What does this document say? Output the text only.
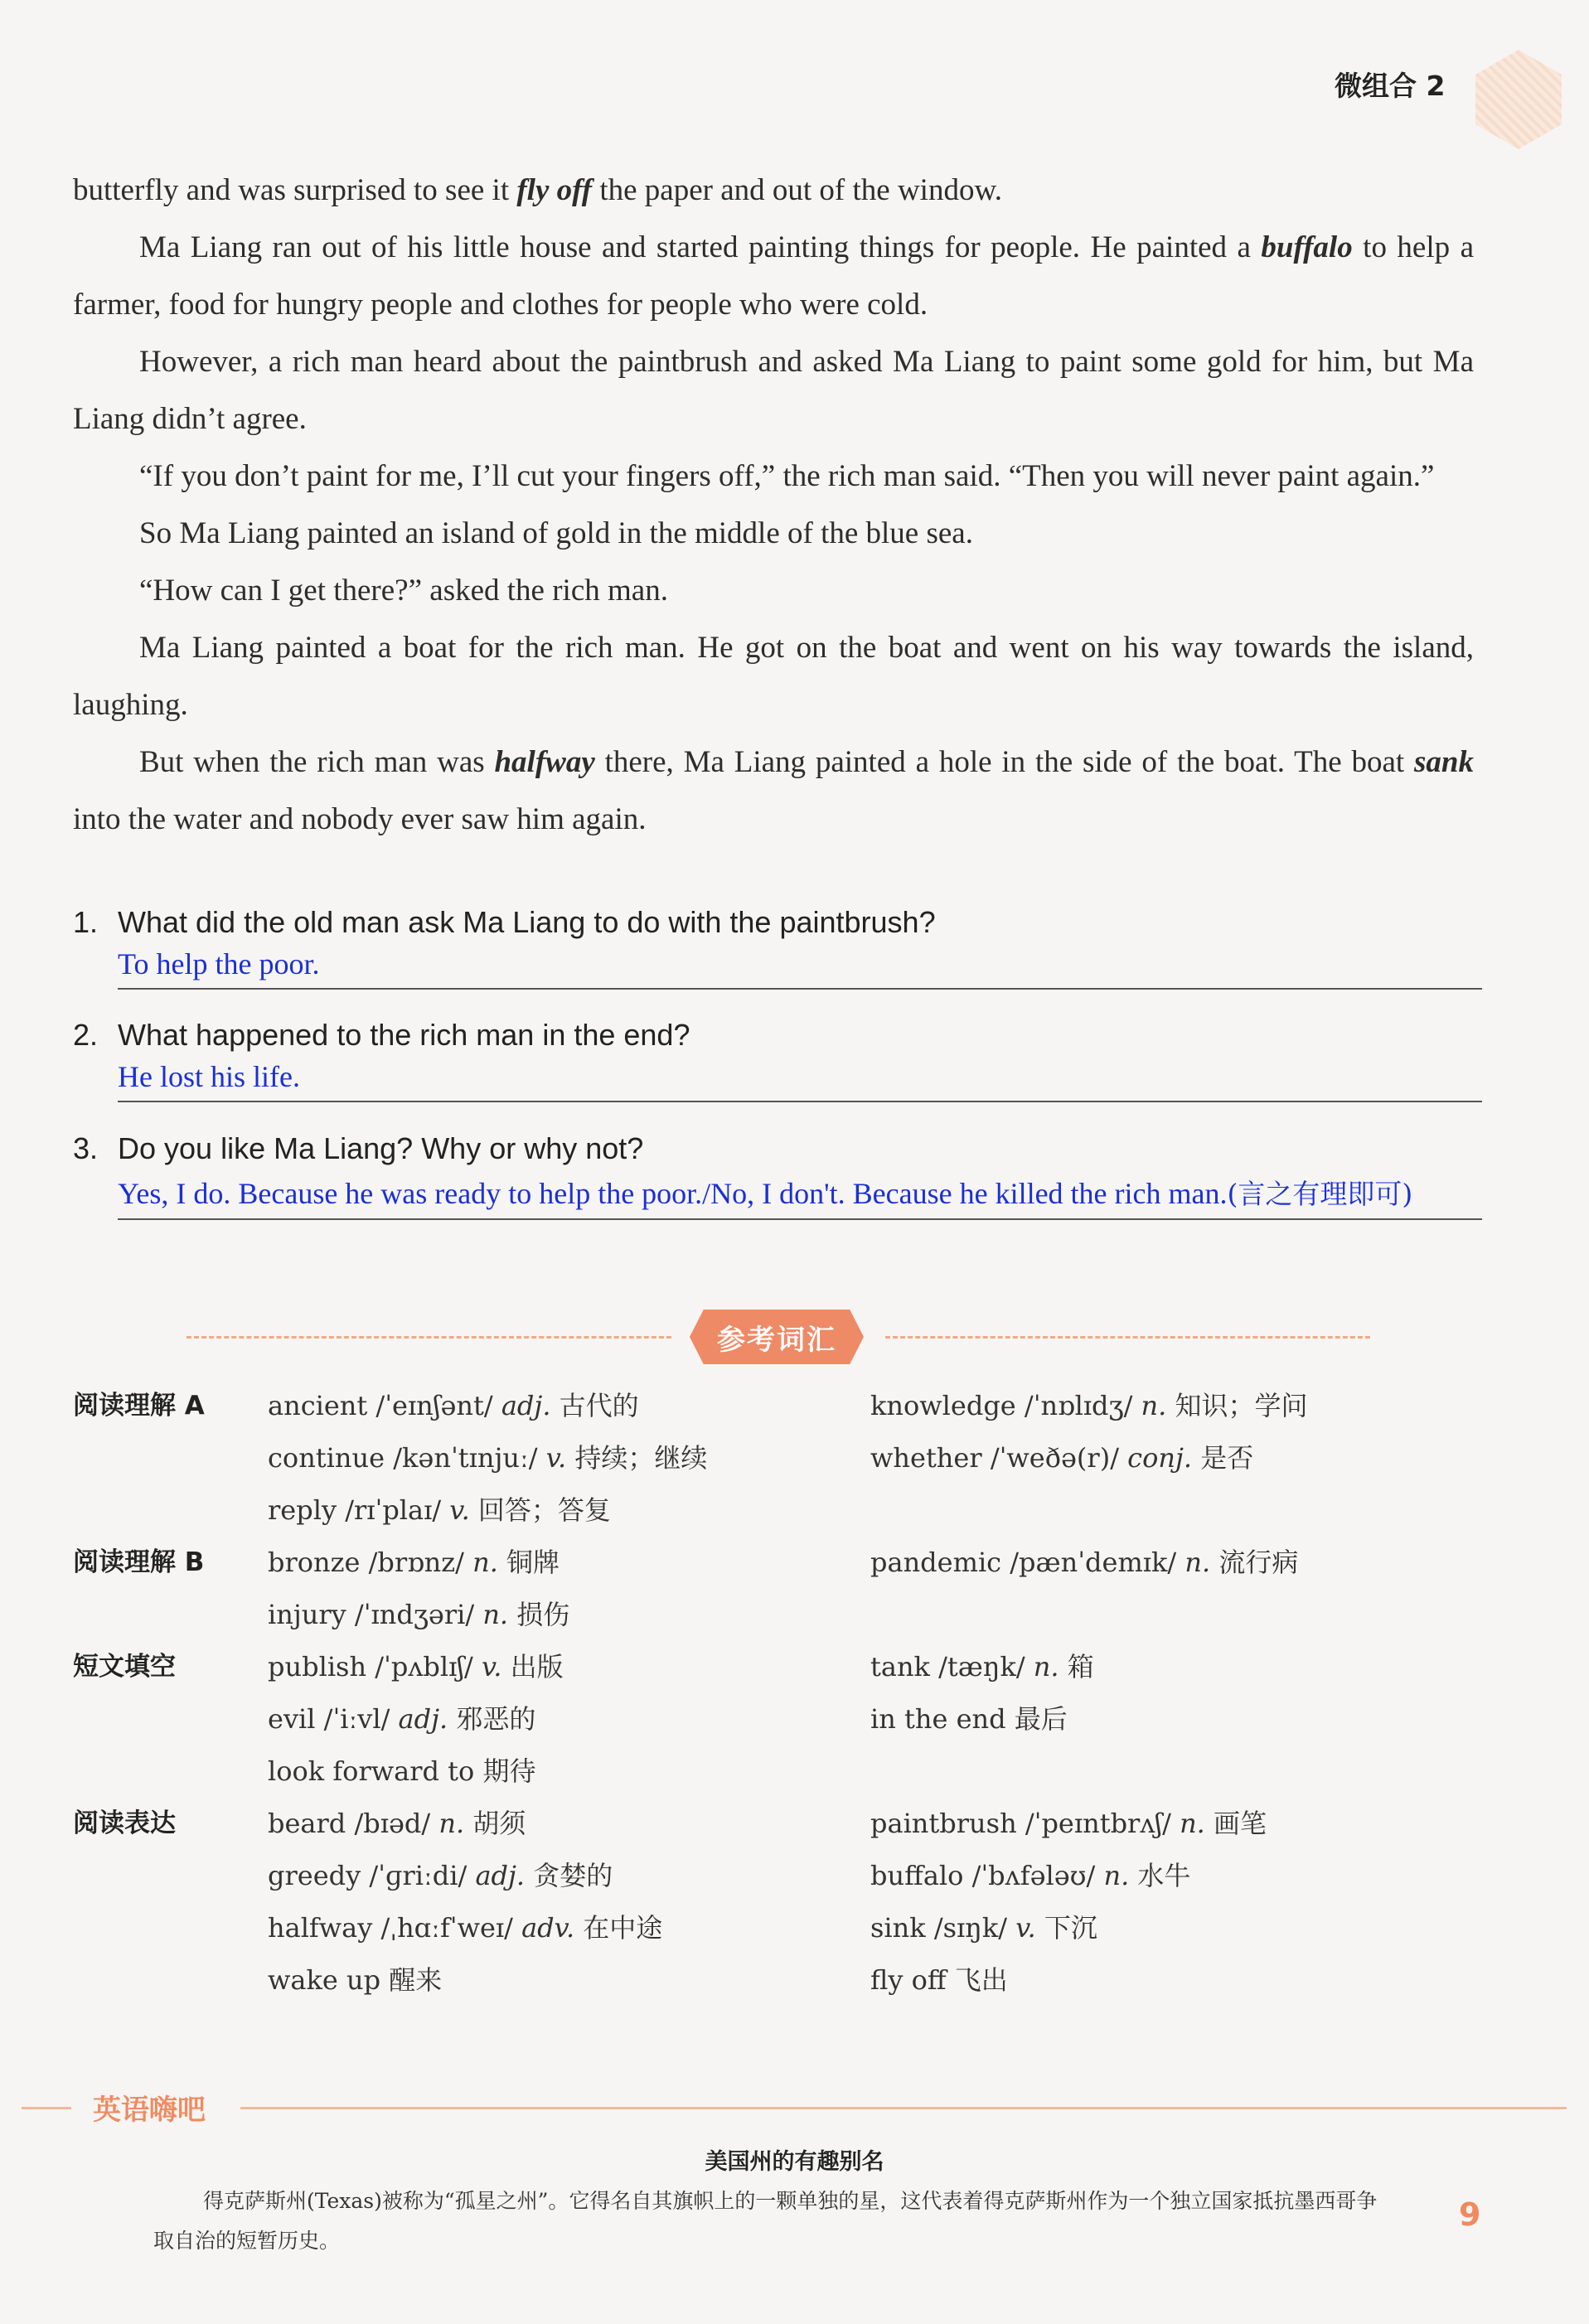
微组合 2

butterfly and was surprised to see it fly off the paper and out of the window.

Ma Liang ran out of his little house and started painting things for people. He painted a buffalo to help a farmer, food for hungry people and clothes for people who were cold.

However, a rich man heard about the paintbrush and asked Ma Liang to paint some gold for him, but Ma Liang didn’t agree.

“If you don’t paint for me, I’ll cut your fingers off,” the rich man said. “Then you will never paint again.”

So Ma Liang painted an island of gold in the middle of the blue sea.

“How can I get there?” asked the rich man.

Ma Liang painted a boat for the rich man. He got on the boat and went on his way towards the island, laughing.

But when the rich man was halfway there, Ma Liang painted a hole in the side of the boat. The boat sank into the water and nobody ever saw him again.

1. What did the old man ask Ma Liang to do with the paintbrush?
To help the poor.
2. What happened to the rich man in the end?
He lost his life.
3. Do you like Ma Liang? Why or why not?
Yes, I do. Because he was ready to help the poor./No, I don't. Because he killed the rich man.(言之有理即可)
参考词汇
阅读理解 A ancient /ˈeɪnʃənt/ adj. 古代的
continue /kənˈtɪnjuː/ v. 持续；继续
reply /rɪˈplaɪ/ v. 回答；答复
knowledge /ˈnɒlɪdʒ/ n. 知识；学问
whether /ˈweðə(r)/ conj. 是否
阅读理解 B bronze /brɒnz/ n. 铜牌
injury /ˈɪndʒəri/ n. 损伤
pandemic /pænˈdemɪk/ n. 流行病
短文填空	publish /ˈpʌblɪʃ/ v. 出版
evil /ˈiːvl/ adj. 邪恶的
look forward to 期待
tank /tæŋk/ n. 箱
in the end 最后
阅读表达	beard /bɪəd/ n. 胡须
greedy /ˈɡriːdi/ adj. 贪婪的
halfway /ˌhɑːfˈweɪ/ adv. 在中途
wake up 醒来
paintbrush /ˈpeɪntbrʌʃ/ n. 画笔
buffalo /ˈbʌfələʊ/ n. 水牛
sink /sɪŋk/ v. 下沉
fly off 飞出
英语嗨吧
美国州的有趣别名

得克萨斯州(Texas)被称为“孤星之州”。它得名自其旗帜上的一颗单独的星，这代表着得克萨斯州作为一个独立国家抵抗墨西哥争取自治的短暂历史。

9
